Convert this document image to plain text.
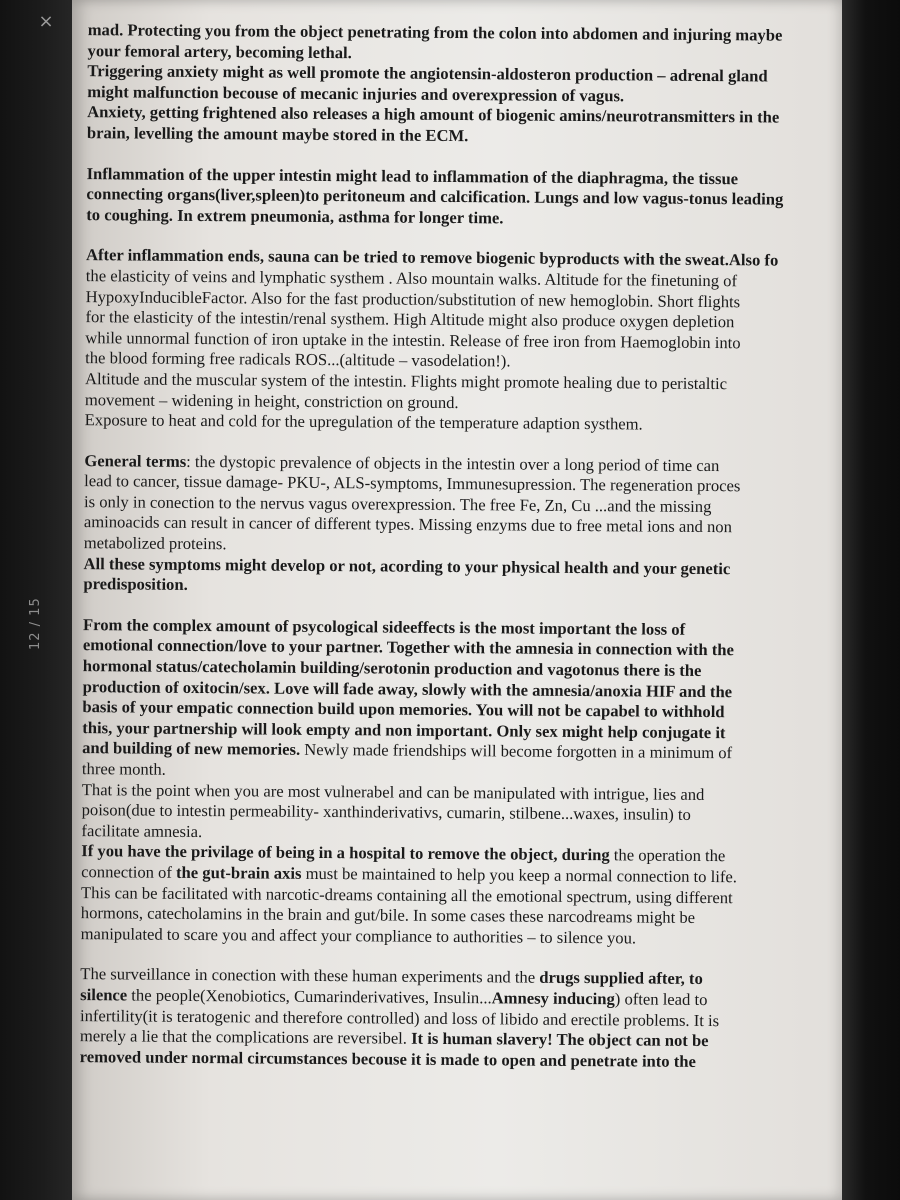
×
12 / 15
mad. Protecting you from the object penetrating from the colon into abdomen and injuring maybe
your femoral artery, becoming lethal.
Triggering anxiety might as well promote the angiotensin-aldosteron production – adrenal gland
might malfunction becouse of mecanic injuries and overexpression of vagus.
Anxiety, getting frightened also releases a high amount of biogenic amins/neurotransmitters in the
brain, levelling the amount maybe stored in the ECM.
Inflammation of the upper intestin might lead to inflammation of the diaphragma, the tissue
connecting organs(liver,spleen)to peritoneum and calcification. Lungs and low vagus-tonus leading
to coughing. In extrem pneumonia, asthma for longer time.
After inflammation ends, sauna can be tried to remove biogenic byproducts with the sweat.Also fo
the elasticity of veins and lymphatic systhem . Also mountain walks. Altitude for the finetuning of
HypoxyInducibleFactor. Also for the fast production/substitution of new hemoglobin. Short flights
for the elasticity of the intestin/renal systhem. High Altitude might also produce oxygen depletion
while unnormal function of iron uptake in the intestin. Release of free iron from Haemoglobin into
the blood forming free radicals ROS...(altitude – vasodelation!).
Altitude and the muscular system of the intestin. Flights might promote healing due to peristaltic
movement – widening in height, constriction on ground.
Exposure to heat and cold for the upregulation of the temperature adaption systhem.
General terms: the dystopic prevalence of objects in the intestin over a long period of time can
lead to cancer, tissue damage- PKU-, ALS-symptoms, Immunesupression. The regeneration proces
is only in conection to the nervus vagus overexpression. The free Fe, Zn, Cu ...and the missing
aminoacids can result in cancer of different types. Missing enzyms due to free metal ions and non
metabolized proteins.
All these symptoms might develop or not, acording to your physical health and your genetic
predisposition.
From the complex amount of psycological sideeffects is the most important the loss of
emotional connection/love to your partner. Together with the amnesia in connection with the
hormonal status/catecholamin building/serotonin production and vagotonus there is the
production of oxitocin/sex. Love will fade away, slowly with the amnesia/anoxia HIF and the
basis of your empatic connection build upon memories. You will not be capabel to withhold
this, your partnership will look empty and non important. Only sex might help conjugate it
and building of new memories. Newly made friendships will become forgotten in a minimum of
three month.
That is the point when you are most vulnerabel and can be manipulated with intrigue, lies and
poison(due to intestin permeability- xanthinderivativs, cumarin, stilbene...waxes, insulin) to
facilitate amnesia.
If you have the privilage of being in a hospital to remove the object, during the operation the
connection of the gut-brain axis must be maintained to help you keep a normal connection to life.
This can be facilitated with narcotic-dreams containing all the emotional spectrum, using different
hormons, catecholamins in the brain and gut/bile. In some cases these narcodreams might be
manipulated to scare you and affect your compliance to authorities – to silence you.
The surveillance in conection with these human experiments and the drugs supplied after, to
silence the people(Xenobiotics, Cumarinderivatives, Insulin...Amnesy inducing) often lead to
infertility(it is teratogenic and therefore controlled) and loss of libido and erectile problems. It is
merely a lie that the complications are reversibel. It is human slavery! The object can not be
removed under normal circumstances becouse it is made to open and penetrate into the
